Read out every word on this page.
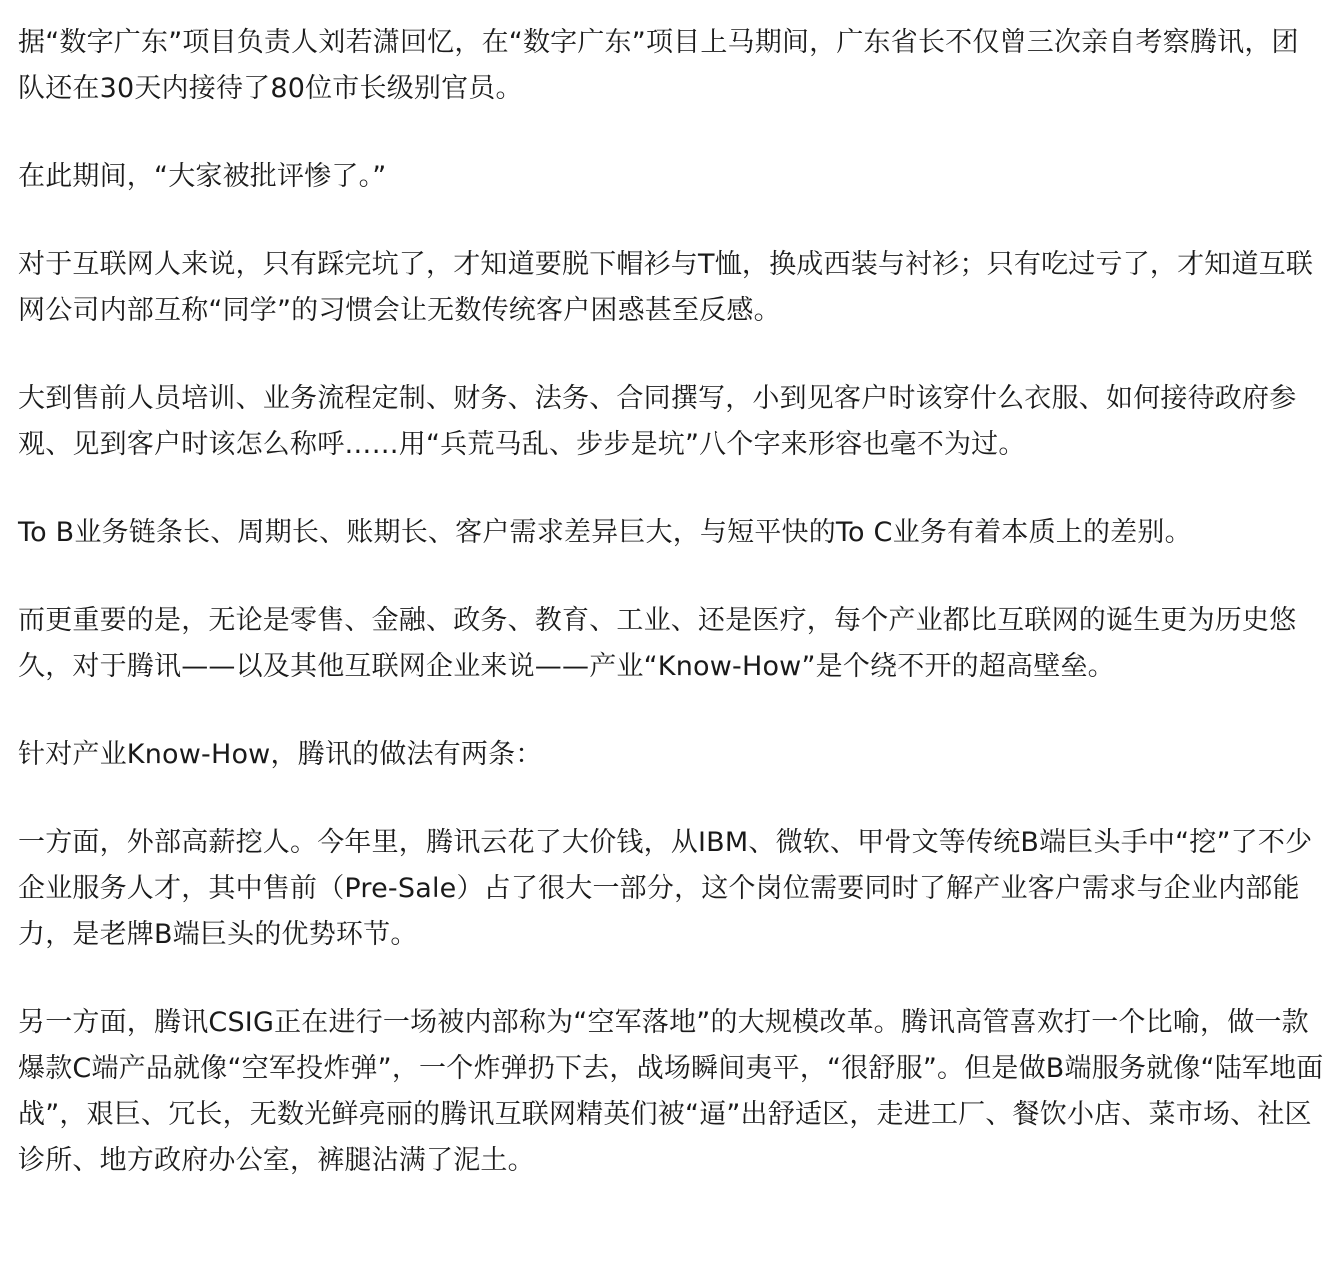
据“数字广东”项目负责人刘若潇回忆，在“数字广东”项目上马期间，广东省长不仅曾三次亲自考察腾讯，团队还在30天内接待了80位市长级别官员。

在此期间，“大家被批评惨了。”

对于互联网人来说，只有踩完坑了，才知道要脱下帽衫与T恤，换成西装与衬衫；只有吃过亏了，才知道互联网公司内部互称“同学”的习惯会让无数传统客户困惑甚至反感。

大到售前人员培训、业务流程定制、财务、法务、合同撰写，小到见客户时该穿什么衣服、如何接待政府参观、见到客户时该怎么称呼……用“兵荒马乱、步步是坑”八个字来形容也毫不为过。

To B业务链条长、周期长、账期长、客户需求差异巨大，与短平快的To C业务有着本质上的差别。

而更重要的是，无论是零售、金融、政务、教育、工业、还是医疗，每个产业都比互联网的诞生更为历史悠久，对于腾讯——以及其他互联网企业来说——产业“Know-How”是个绕不开的超高壁垒。

针对产业Know-How，腾讯的做法有两条：

一方面，外部高薪挖人。今年里，腾讯云花了大价钱，从IBM、微软、甲骨文等传统B端巨头手中“挖”了不少企业服务人才，其中售前（Pre-Sale）占了很大一部分，这个岗位需要同时了解产业客户需求与企业内部能力，是老牌B端巨头的优势环节。

另一方面，腾讯CSIG正在进行一场被内部称为“空军落地”的大规模改革。腾讯高管喜欢打一个比喻，做一款爆款C端产品就像“空军投炸弹”，一个炸弹扔下去，战场瞬间夷平，“很舒服”。但是做B端服务就像“陆军地面战”，艰巨、冗长，无数光鲜亮丽的腾讯互联网精英们被“逼”出舒适区，走进工厂、餐饮小店、菜市场、社区诊所、地方政府办公室，裤腿沾满了泥土。
